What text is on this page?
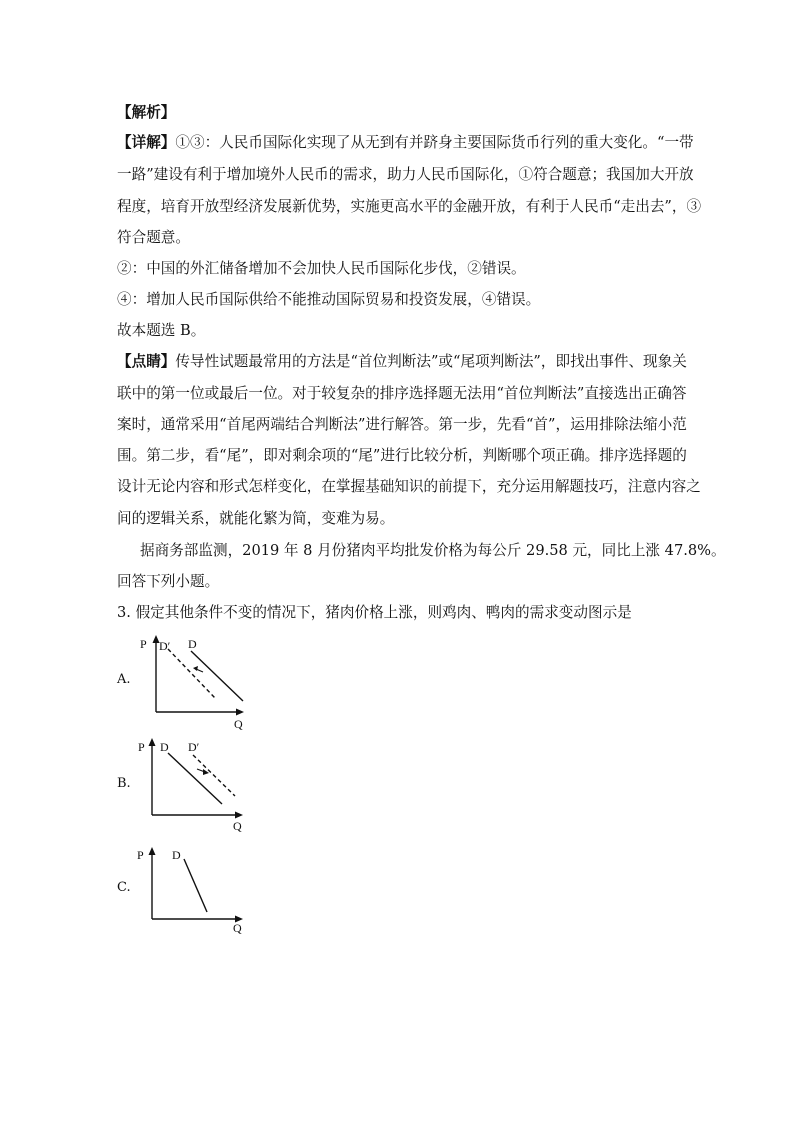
【解析】
【详解】①③：人民币国际化实现了从无到有并跻身主要国际货币行列的重大变化。“一带
一路”建设有利于增加境外人民币的需求，助力人民币国际化，①符合题意；我国加大开放
程度，培育开放型经济发展新优势，实施更高水平的金融开放，有利于人民币“走出去”，③
符合题意。
②：中国的外汇储备增加不会加快人民币国际化步伐，②错误。
④：增加人民币国际供给不能推动国际贸易和投资发展，④错误。
故本题选 B。
【点睛】传导性试题最常用的方法是“首位判断法”或“尾项判断法”，即找出事件、现象关
联中的第一位或最后一位。对于较复杂的排序选择题无法用“首位判断法”直接选出正确答
案时，通常采用“首尾两端结合判断法”进行解答。第一步，先看“首”，运用排除法缩小范
围。第二步，看“尾”，即对剩余项的“尾”进行比较分析，判断哪个项正确。排序选择题的
设计无论内容和形式怎样变化，在掌握基础知识的前提下，充分运用解题技巧，注意内容之
间的逻辑关系，就能化繁为简，变难为易。
据商务部监测，2019 年 8 月份猪肉平均批发价格为每公斤 29.58 元，同比上涨 47.8%。
回答下列小题。
3. 假定其他条件不变的情况下，猪肉价格上涨，则鸡肉、鸭肉的需求变动图示是
A.
P
Q
D′ D
B.
P
Q
D D′
C.
P
Q
D
